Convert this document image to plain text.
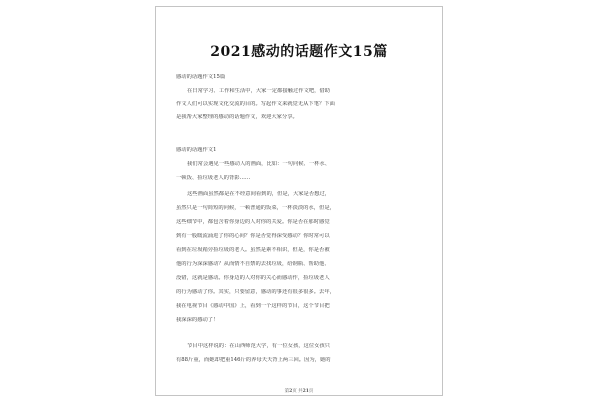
2021感动的话题作文15篇
感动的话题作文15篇
在日常学习、工作和生活中，大家一定都接触过作文吧，借助
作文人们可以实现文化交流的目的。写起作文来就觉无从下笔？下面
是我帮大家整理的感动的话题作文，欢迎大家分享。
感动的话题作文1
我们常会遇见一些感动人的画面，比如：一句问候、一杯水、
一顿饭、捡垃圾老人的背影……
这些画面虽然都是在不经意间看到的，但是，大家是否想过，
虽然只是一句简短的问候，一顿普通的饭菜，一杯淡淡的水，但是，
这些细节中，都包含着你身边的人对你的关爱。你是否在那时感觉
到有一股暖流涌进了你的心间？你是否觉得深受感动？你时常可以
看到在垃圾箱旁捡垃圾的老人。虽然是素不相识，但是，你是否被
他的行为深深感动？从而情不自禁的去找垃圾，给钢瓶、帮助他、
没错，这就是感动。你身边的人对你的关心而感动作，捡垃圾老人
的行为感动了你。其实，只要留意，感动的事还有很多很多。去年，
我在电视节目《感动中国》上，看到一个这样的节目，这个节目把
我深深的感动了！
节目中这样说的：在山西师范大学，有一位女孩，这位女孩只
有88斤重，而她却把重146斤的养母天天背上两三回。因为，她的
第2页 共21页
